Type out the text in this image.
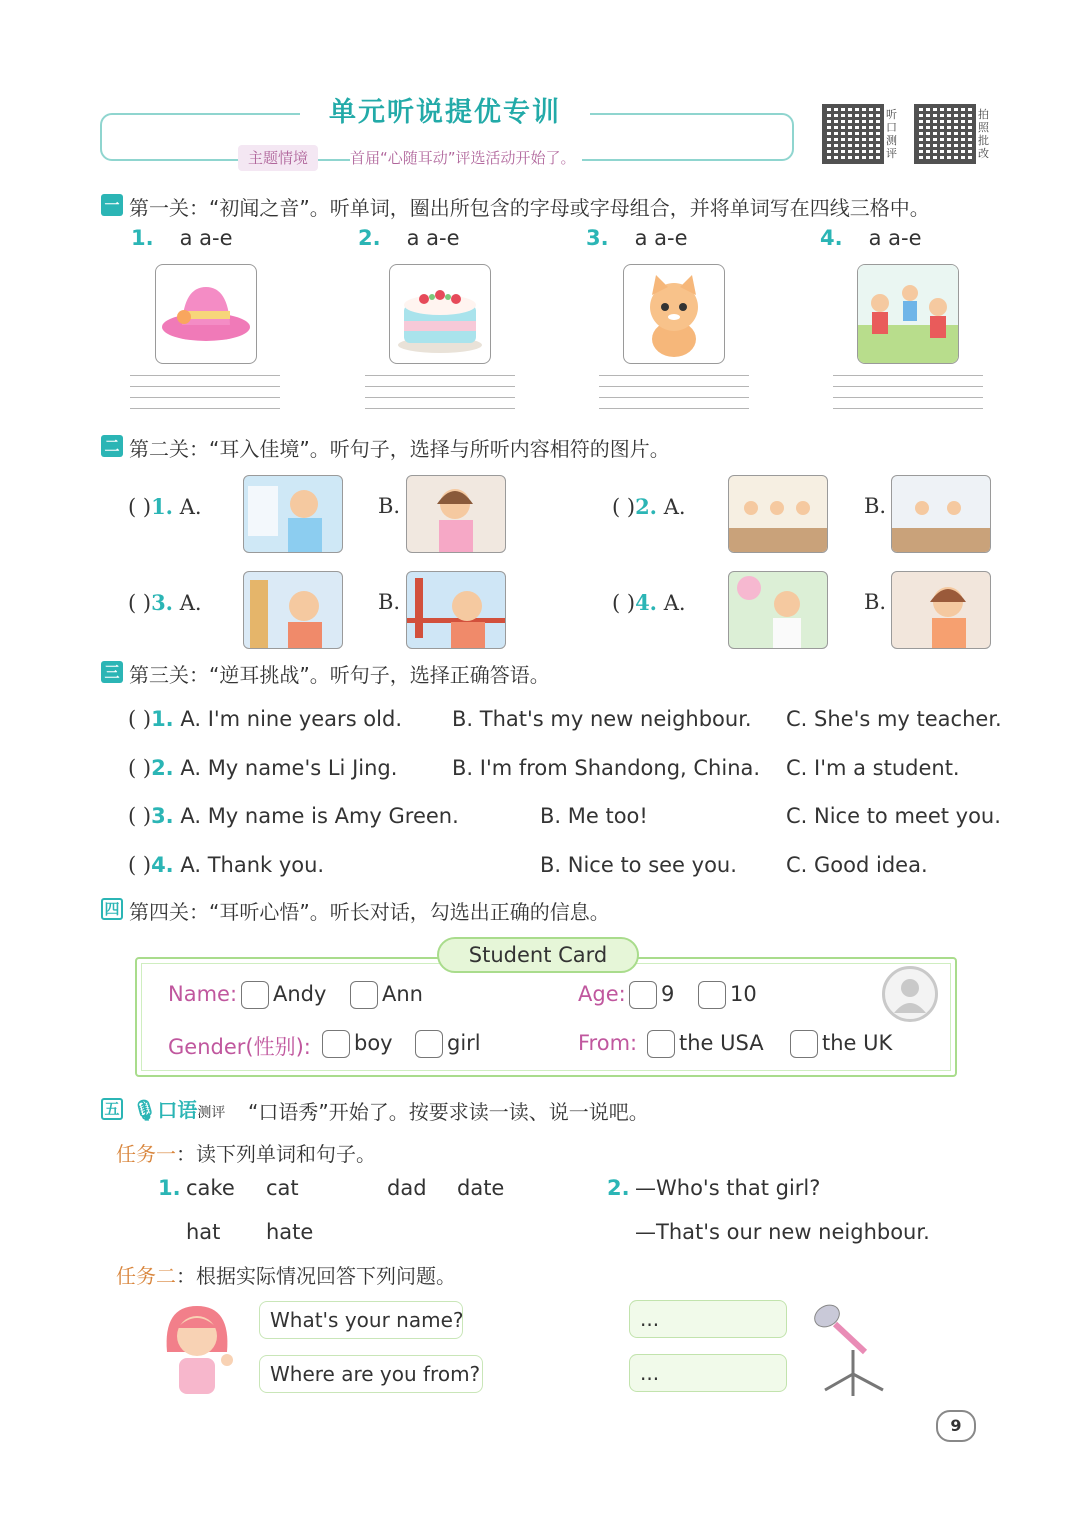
单元听说提优专训
主题情境	首届“心随耳动”评选活动开始了。
听口测评
拍照批改
一 第一关：“初闻之音”。听单词，圈出所包含的字母或字母组合，并将单词写在四线三格中。
1. a a-e	2. a a-e	3. a a-e	4. a a-e
二 第二关：“耳入佳境”。听句子，选择与所听内容相符的图片。
( )1. A.	B.	( )2. A.	B.
( )3. A.	B.	( )4. A.	B.
三 第三关：“逆耳挑战”。听句子，选择正确答语。
( )1. A. I'm nine years old. B. That's my new neighbour. C. She's my teacher.
( )2. A. My name's Li Jing.	B. I'm from Shandong, China. C. I'm a student.
( )3. A. My name is Amy Green.	B. Me too!	C. Nice to meet you.
( )4. A. Thank you.	B. Nice to see you. C. Good idea.
四 第四关：“耳听心悟”。听长对话，勾选出正确的信息。
Student Card
Name:	Andy	Ann	Age:	9	10
Gender(性别):	boy	girl	From:	the USA	the UK
五 🎙口语测评 “口语秀”开始了。按要求读一读、说一说吧。
任务一：读下列单词和句子。
1. cake cat	dad date
hat hate
2. —Who's that girl?
—That's our new neighbour.
任务二：根据实际情况回答下列问题。
What's your name?
Where are you from?
...
...
9
